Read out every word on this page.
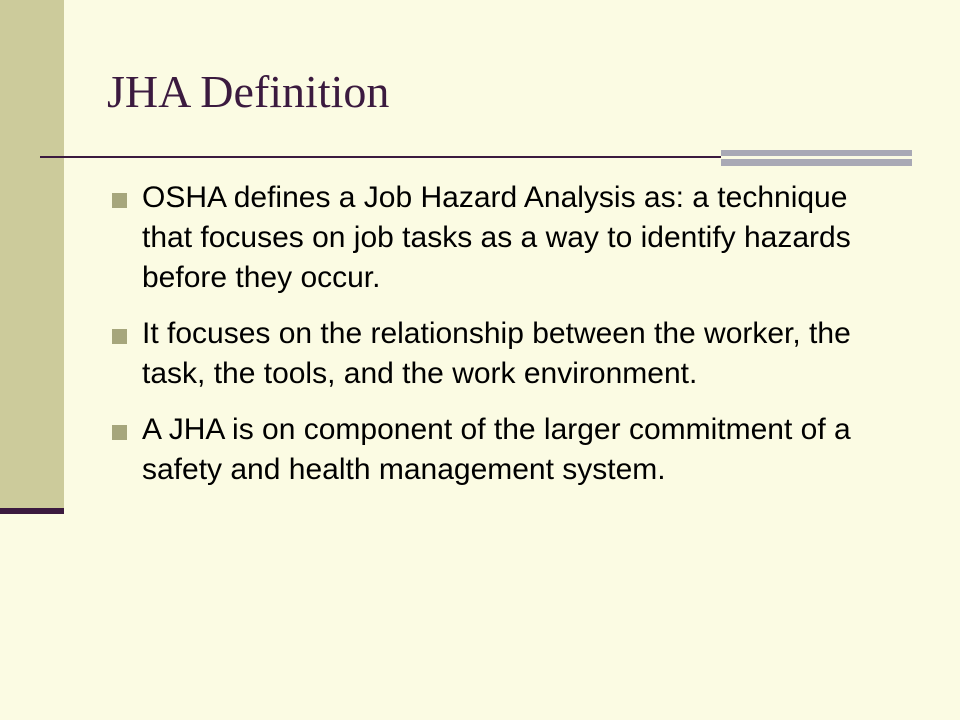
JHA Definition
OSHA defines a Job Hazard Analysis as: a technique that focuses on job tasks as a way to identify hazards before they occur.
It focuses on the relationship between the worker, the task, the tools, and the work environment.
A JHA is on component of the larger commitment of a safety and health management system.
